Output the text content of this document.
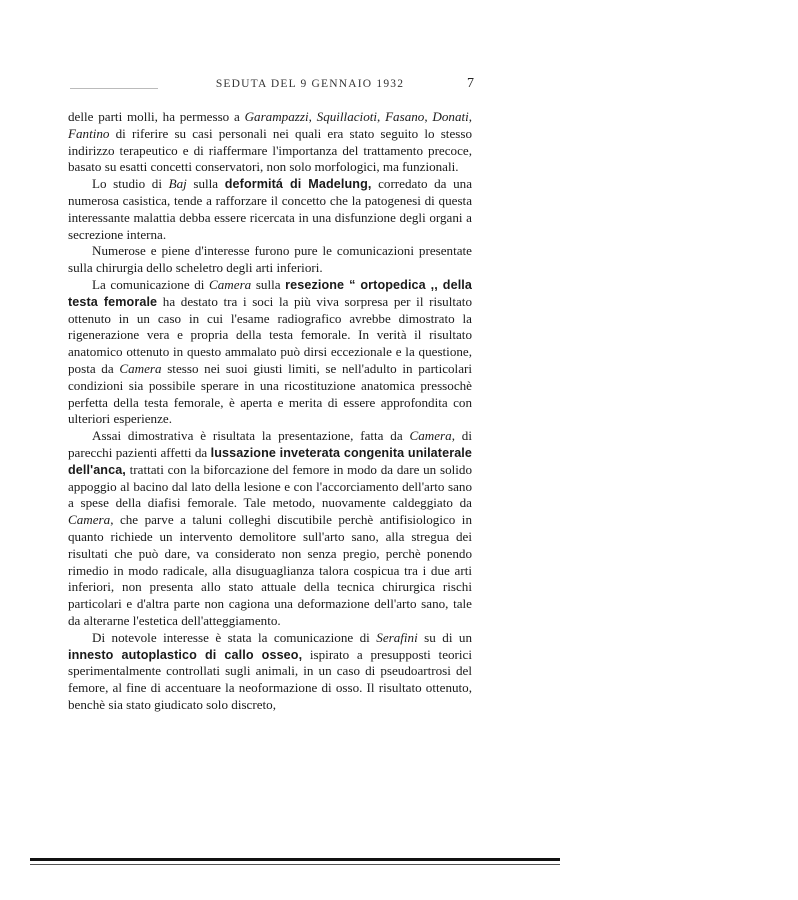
SEDUTA DEL 9 GENNAIO 1932	7

delle parti molli, ha permesso a Garampazzi, Squillacioti, Fasano, Donati, Fantino di riferire su casi personali nei quali era stato seguito lo stesso indirizzo terapeutico e di riaffermare l'importanza del trattamento precoce, basato su esatti concetti conservatori, non solo morfologici, ma funzionali.

Lo studio di Baj sulla deformitá di Madelung, corredato da una numerosa casistica, tende a rafforzare il concetto che la patogenesi di questa interessante malattia debba essere ricercata in una disfunzione degli organi a secrezione interna.

Numerose e piene d'interesse furono pure le comunicazioni presentate sulla chirurgia dello scheletro degli arti inferiori.

La comunicazione di Camera sulla resezione “ ortopedica ,, della testa femorale ha destato tra i soci la più viva sorpresa per il risultato ottenuto in un caso in cui l'esame radiografico avrebbe dimostrato la rigenerazione vera e propria della testa femorale. In verità il risultato anatomico ottenuto in questo ammalato può dirsi eccezionale e la questione, posta da Camera stesso nei suoi giusti limiti, se nell'adulto in particolari condizioni sia possibile sperare in una ricostituzione anatomica pressochè perfetta della testa femorale, è aperta e merita di essere approfondita con ulteriori esperienze.

Assai dimostrativa è risultata la presentazione, fatta da Camera, di parecchi pazienti affetti da lussazione inveterata congenita unilaterale dell'anca, trattati con la biforcazione del femore in modo da dare un solido appoggio al bacino dal lato della lesione e con l'accorciamento dell'arto sano a spese della diafisi femorale. Tale metodo, nuovamente caldeggiato da Camera, che parve a taluni colleghi discutibile perchè antifisiologico in quanto richiede un intervento demolitore sull'arto sano, alla stregua dei risultati che può dare, va considerato non senza pregio, perchè ponendo rimedio in modo radicale, alla disuguaglianza talora cospicua tra i due arti inferiori, non presenta allo stato attuale della tecnica chirurgica rischi particolari e d'altra parte non cagiona una deformazione dell'arto sano, tale da alterarne l'estetica dell'atteggiamento.

Di notevole interesse è stata la comunicazione di Serafini su di un innesto autoplastico di callo osseo, ispirato a presupposti teorici sperimentalmente controllati sugli animali, in un caso di pseudoartrosi del femore, al fine di accentuare la neoformazione di osso. Il risultato ottenuto, benchè sia stato giudicato solo discreto,
